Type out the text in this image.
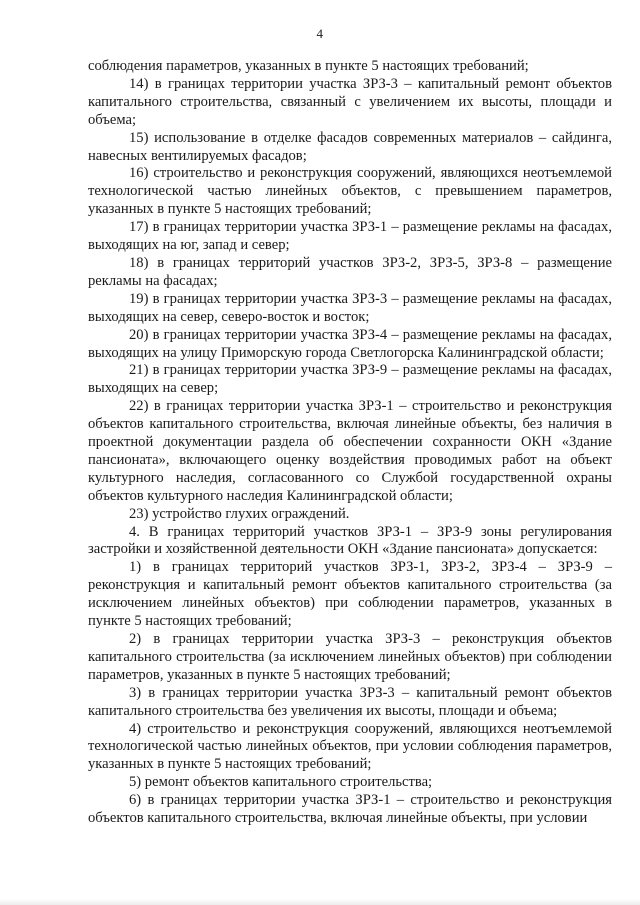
4

соблюдения параметров, указанных в пункте 5 настоящих требований;

14) в границах территории участка ЗРЗ-3 – капитальный ремонт объектов капитального строительства, связанный с увеличением их высоты, площади и объема;

15) использование в отделке фасадов современных материалов – сайдинга, навесных вентилируемых фасадов;

16) строительство и реконструкция сооружений, являющихся неотъемлемой технологической частью линейных объектов, с превышением параметров, указанных в пункте 5 настоящих требований;

17) в границах территории участка ЗРЗ-1 – размещение рекламы на фасадах, выходящих на юг, запад и север;

18) в границах территорий участков ЗРЗ-2, ЗРЗ-5, ЗРЗ-8 – размещение рекламы на фасадах;

19) в границах территории участка ЗРЗ-3 – размещение рекламы на фасадах, выходящих на север, северо-восток и восток;

20) в границах территории участка ЗРЗ-4 – размещение рекламы на фасадах, выходящих на улицу Приморскую города Светлогорска Калининградской области;

21) в границах территории участка ЗРЗ-9 – размещение рекламы на фасадах, выходящих на север;

22) в границах территории участка ЗРЗ-1 – строительство и реконструкция объектов капитального строительства, включая линейные объекты, без наличия в проектной документации раздела об обеспечении сохранности ОКН «Здание пансионата», включающего оценку воздействия проводимых работ на объект культурного наследия, согласованного со Службой государственной охраны объектов культурного наследия Калининградской области;

23) устройство глухих ограждений.

4. В границах территорий участков ЗРЗ-1 – ЗРЗ-9 зоны регулирования застройки и хозяйственной деятельности ОКН «Здание пансионата» допускается:

1) в границах территорий участков ЗРЗ-1, ЗРЗ-2, ЗРЗ-4 – ЗРЗ-9 – реконструкция и капитальный ремонт объектов капитального строительства (за исключением линейных объектов) при соблюдении параметров, указанных в пункте 5 настоящих требований;

2) в границах территории участка ЗРЗ-3 – реконструкция объектов капитального строительства (за исключением линейных объектов) при соблюдении параметров, указанных в пункте 5 настоящих требований;

3) в границах территории участка ЗРЗ-3 – капитальный ремонт объектов капитального строительства без увеличения их высоты, площади и объема;

4) строительство и реконструкция сооружений, являющихся неотъемлемой технологической частью линейных объектов, при условии соблюдения параметров, указанных в пункте 5 настоящих требований;

5) ремонт объектов капитального строительства;

6) в границах территории участка ЗРЗ-1 – строительство и реконструкция объектов капитального строительства, включая линейные объекты, при условии
